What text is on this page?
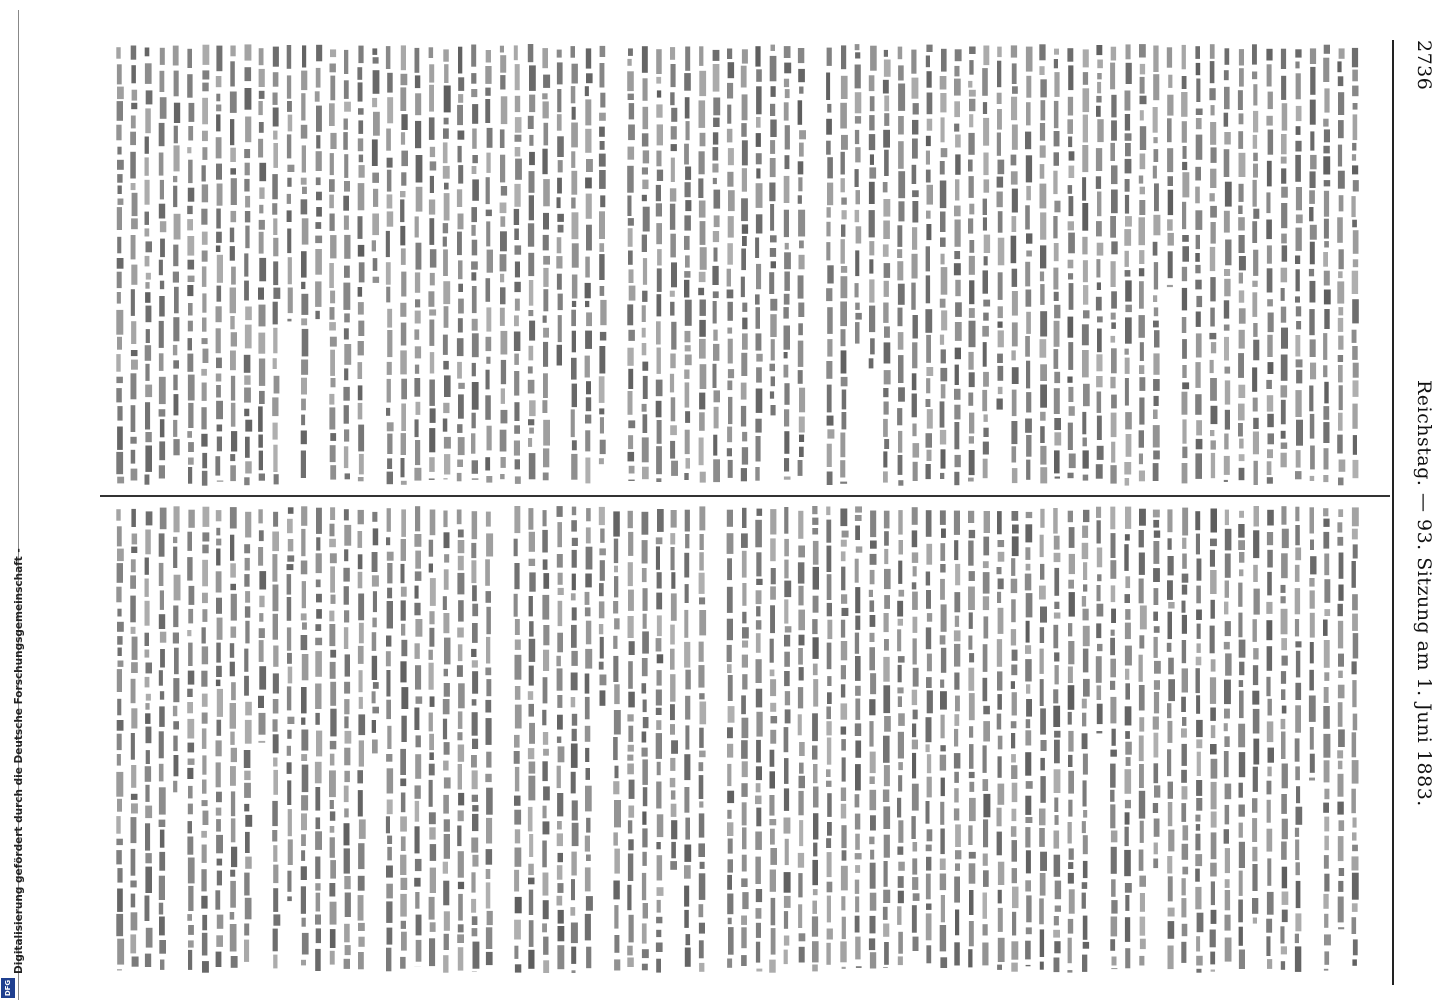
2736
Reichstag. — 93. Sitzung am 1. Juni 1883.
Digitalisierung gefördert durch die Deutsche Forschungsgemeinschaft -
DFG
